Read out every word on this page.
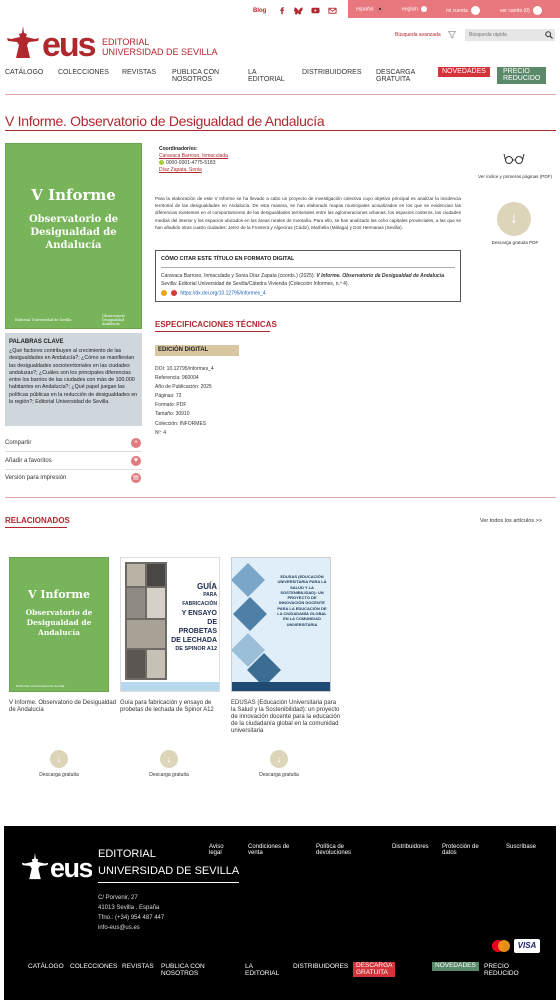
Blog	español	english	mi cuenta	ver carrito (0)
eus EDITORIAL
UNIVERSIDAD DE SEVILLA
Búsqueda avanzada
Búsqueda rápida
CATÁLOGO COLECCIONES REVISTAS PUBLICA CON
NOSOTROS
LA
EDITORIAL
DISTRIBUIDORES DESCARGA
GRATUITA
NOVEDADES	PRECIO
REDUCIDO
V Informe. Observatorio de Desigualdad de Andalucía
V Informe
Observatorio de
Desigualdad de
Andalucía
Editorial Universidad de Sevilla
Observatorio Desigualdad Andalucía
PALABRAS CLAVE
¿Qué factores contribuyen al crecimiento de las desigualdades en Andalucía?; ¿Cómo se manifiestan las desigualdades socioterritoriales en las ciudades andaluzas?; ¿Cuáles son los principales diferencias entre los barrios de las ciudades con más de 100.000 habitantes en Andalucía?; ¿Qué papel juegan las políticas públicas en la reducción de desigualdades en la región?; Editorial Universidad de Sevilla.
Compartir	+
Añadir a favoritos	♥
Versión para impresión	▤
Coordinador/es:
Caravaca Barroso, Inmaculada
0000-0001-4775-5183
Díaz Zapata, Sonia

Para la elaboración de este V Informe se ha llevado a cabo un proyecto de investigación colectiva cuyo objetivo principal es analizar la incidencia territorial de las desigualdades en Andalucía. De esta manera, se han elaborado mapas municipales actualizados en los que se evidencian las diferencias existentes en el comportamiento de las desigualdades territoriales entre las aglomeraciones urbanas, los espacios costeros, las ciudades medias del interior y los espacios ubicados en las áreas rurales de montaña. Para ello, se han analizado las ocho capitales provinciales, a las que se han añadido otras cuatro ciudades: Jerez de la Frontera y Algeciras (Cádiz), Marbella (Málaga) y Dos Hermanas (Sevilla).

CÓMO CITAR ESTE TÍTULO EN FORMATO DIGITAL
Caravaca Barroso, Inmaculada y Sonia Díaz Zapata (coords.) (2025): V Informe. Observatorio de Desigualdad de Andalucía. Sevilla: Editorial Universidad de Sevilla/Cátedra Vivienda (Colección Informes, n.º 4).
https://dx.doi.org/10.12795/informes_4
ESPECIFICACIONES TÉCNICAS
EDICIÓN DIGITAL
DOI: 10.12795/informes_4
Referencia: 960004
Año de Publicación: 2025
Páginas: 72
Formato: PDF
Tamaño: 30910
Colección: INFORMES
Nº: 4
Ver índice y primeras páginas (PDF)
↓
Descarga gratuita PDF
RELACIONADOS	Ver todos los artículos >>
V Informe
Observatorio de
Desigualdad de
Andalucía
Editorial Universidad de Sevilla
V Informe. Observatorio de Desigualdad de Andalucía
↓
Descarga gratuita
GUÍA
PARA FABRICACIÓN
Y ENSAYO
DE PROBETAS
DE LECHADA
DE SPINOR A12
Guía para fabricación y ensayo de probetas de lechada de Spinor A12
↓
Descarga gratuita
EDUSAS (EDUCACIÓN UNIVERSITARIA PARA LA SALUD Y LA SOSTENIBILIDAD): UN PROYECTO DE INNOVACIÓN DOCENTE PARA LA EDUCACIÓN DE LA CIUDADANÍA GLOBAL EN LA COMUNIDAD UNIVERSITARIA
EDUSAS (Educación Universitaria para la Salud y la Sostenibilidad): un proyecto de innovación docente para la educación de la ciudadanía global en la comunidad universitaria
↓
Descarga gratuita
eus EDITORIAL
UNIVERSIDAD DE SEVILLA
C/ Porvenir, 27
41013 Sevilla . España
Tfno.: (+34) 954 487 447
info-eus@us.es
Aviso
legal
Condiciones de
venta
Política de
devoluciones
Distribuidores Protección de
datos
Suscríbase
VISA
CATÁLOGO COLECCIONES REVISTAS PUBLICA CON
NOSOTROS
LA
EDITORIAL
DISTRIBUIDORES	DESCARGA
GRATUITA
NOVEDADES	PRECIO
REDUCIDO
